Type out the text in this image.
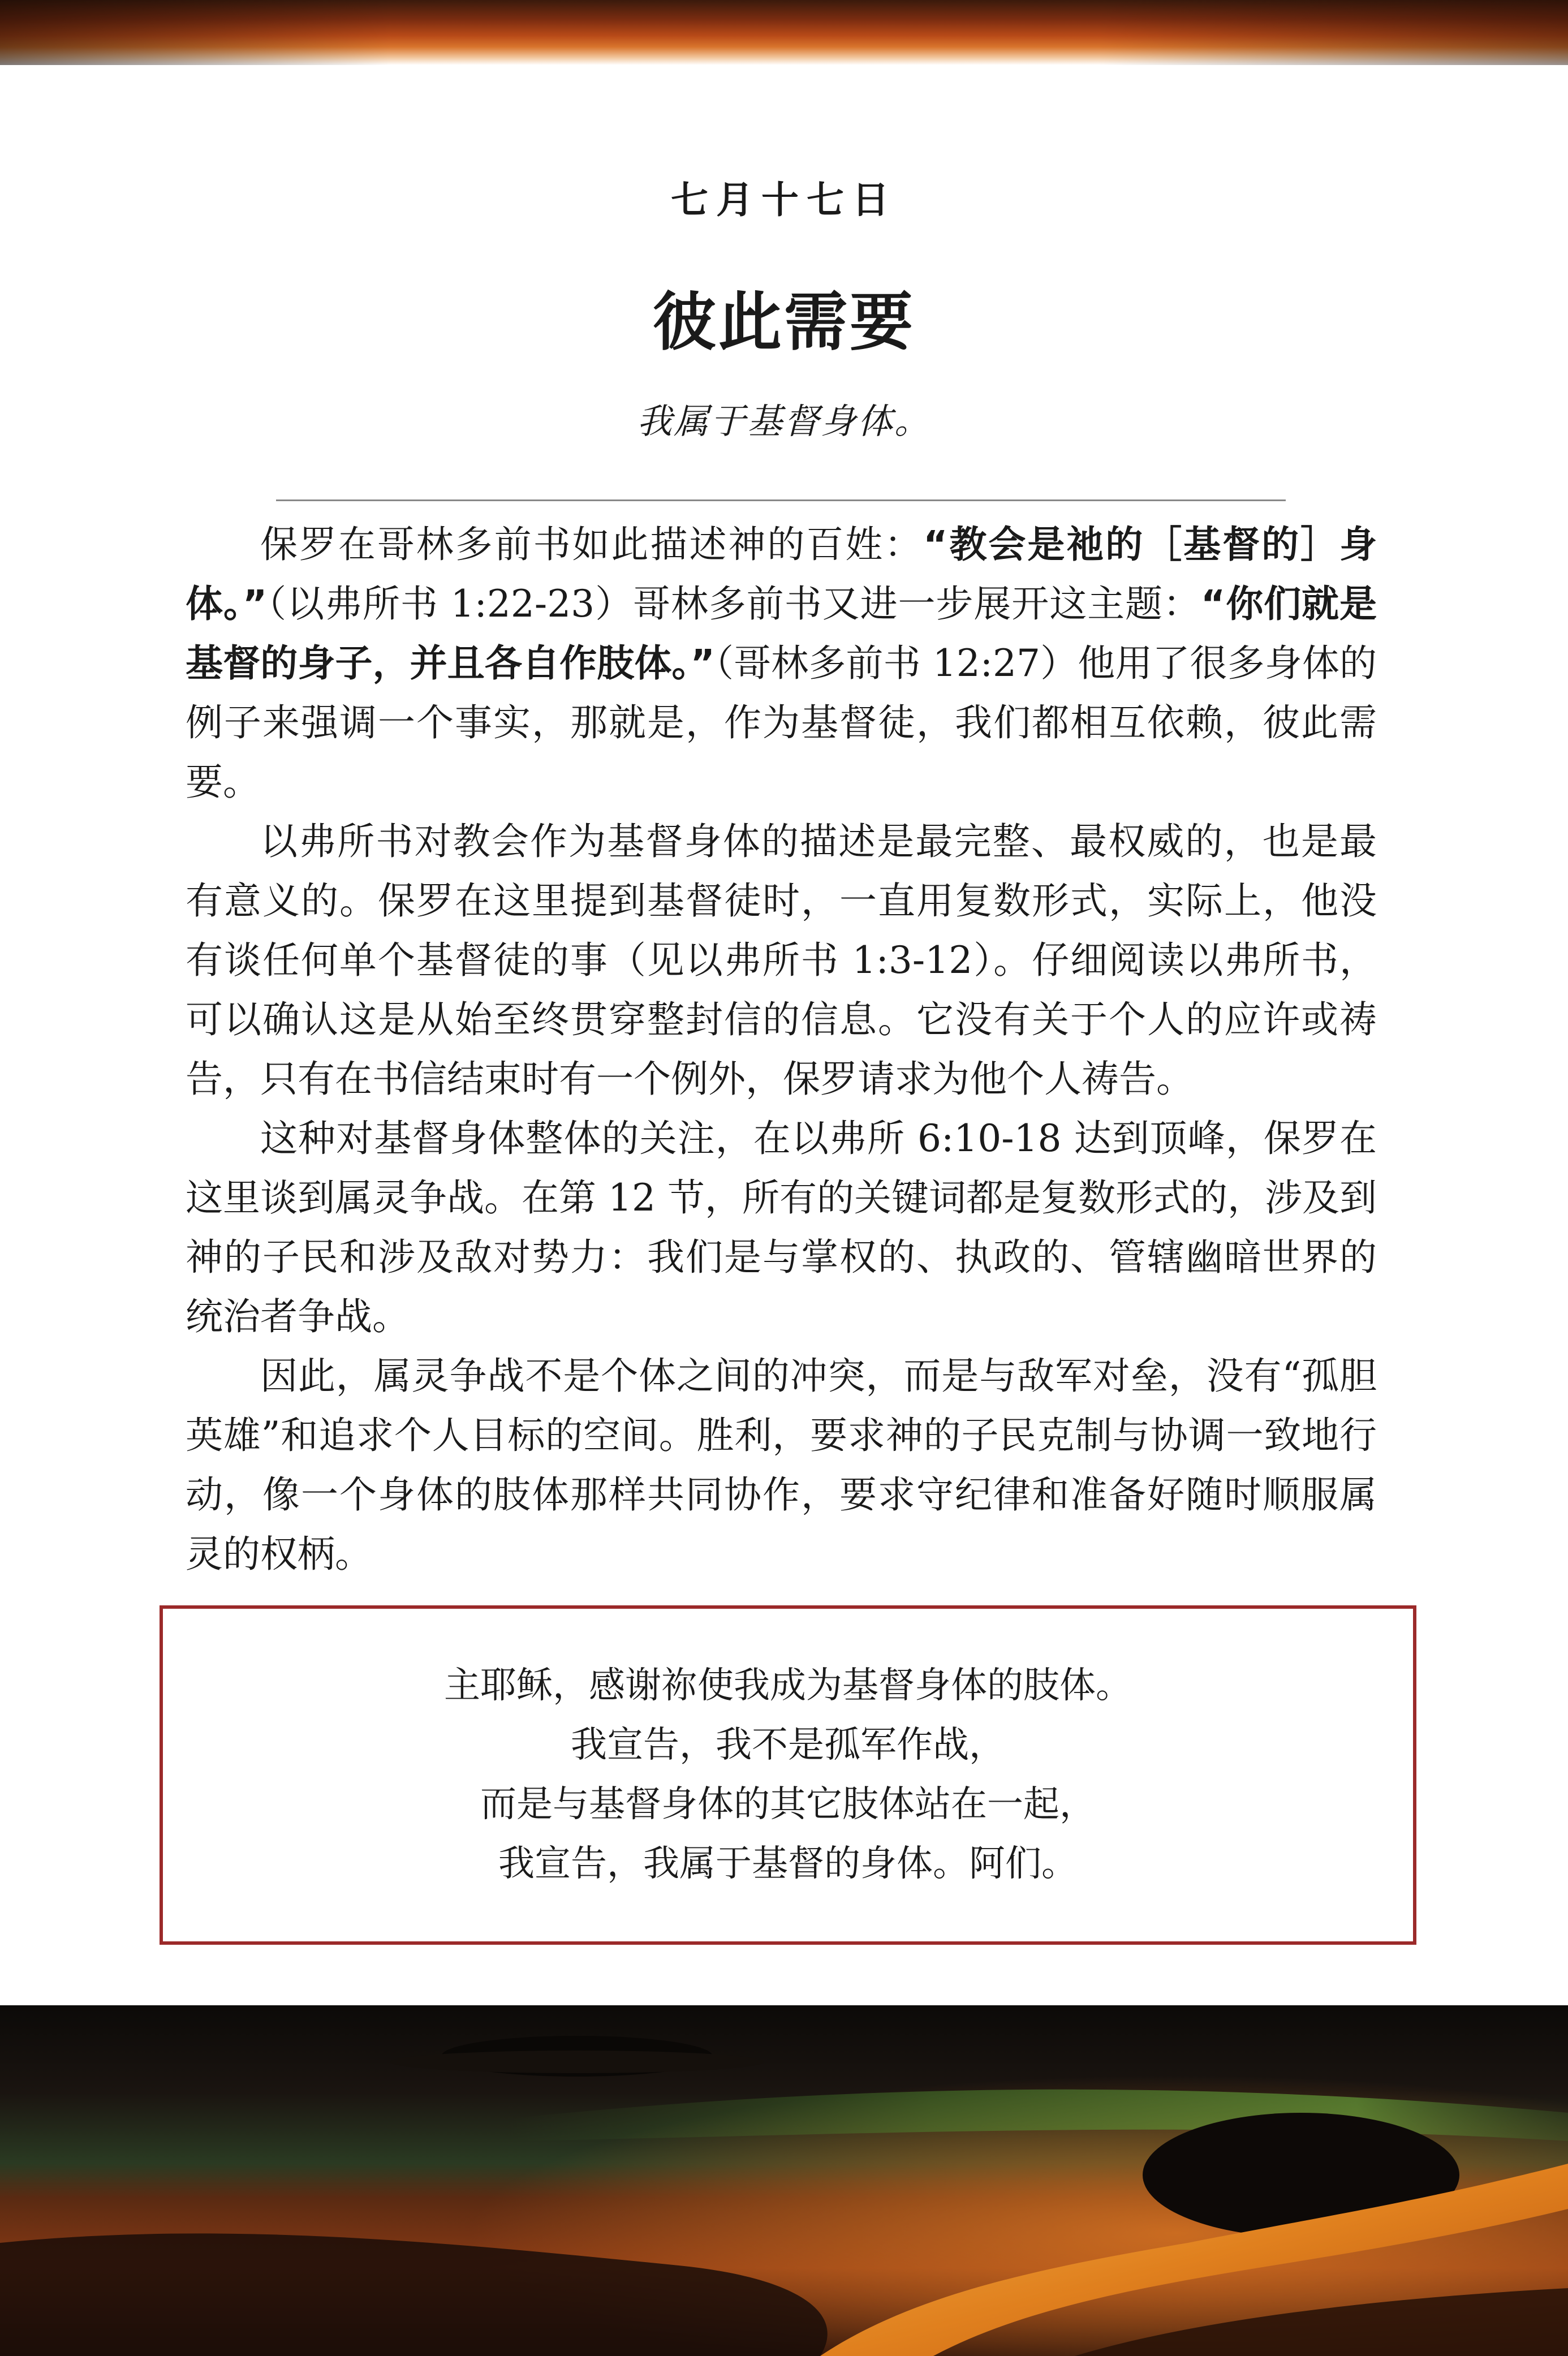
七月十七日
彼此需要
我属于基督身体。

保罗在哥林多前书如此描述神的百姓：“教会是祂的［基督的］身体。”（以弗所书 1:22-23）哥林多前书又进一步展开这主题：“你们就是基督的身子，并且各自作肢体。”（哥林多前书 12:27）他用了很多身体的例子来强调一个事实，那就是，作为基督徒，我们都相互依赖，彼此需要。

以弗所书对教会作为基督身体的描述是最完整、最权威的，也是最有意义的。保罗在这里提到基督徒时，一直用复数形式，实际上，他没有谈任何单个基督徒的事（见以弗所书 1:3-12）。仔细阅读以弗所书，可以确认这是从始至终贯穿整封信的信息。它没有关于个人的应许或祷告，只有在书信结束时有一个例外，保罗请求为他个人祷告。

这种对基督身体整体的关注，在以弗所 6:10-18 达到顶峰，保罗在这里谈到属灵争战。在第 12 节，所有的关键词都是复数形式的，涉及到神的子民和涉及敌对势力：我们是与掌权的、执政的、管辖幽暗世界的统治者争战。

因此，属灵争战不是个体之间的冲突，而是与敌军对垒，没有“孤胆英雄”和追求个人目标的空间。胜利，要求神的子民克制与协调一致地行动，像一个身体的肢体那样共同协作，要求守纪律和准备好随时顺服属灵的权柄。

主耶稣，感谢祢使我成为基督身体的肢体。
我宣告，我不是孤军作战，
而是与基督身体的其它肢体站在一起，
我宣告，我属于基督的身体。阿们。
